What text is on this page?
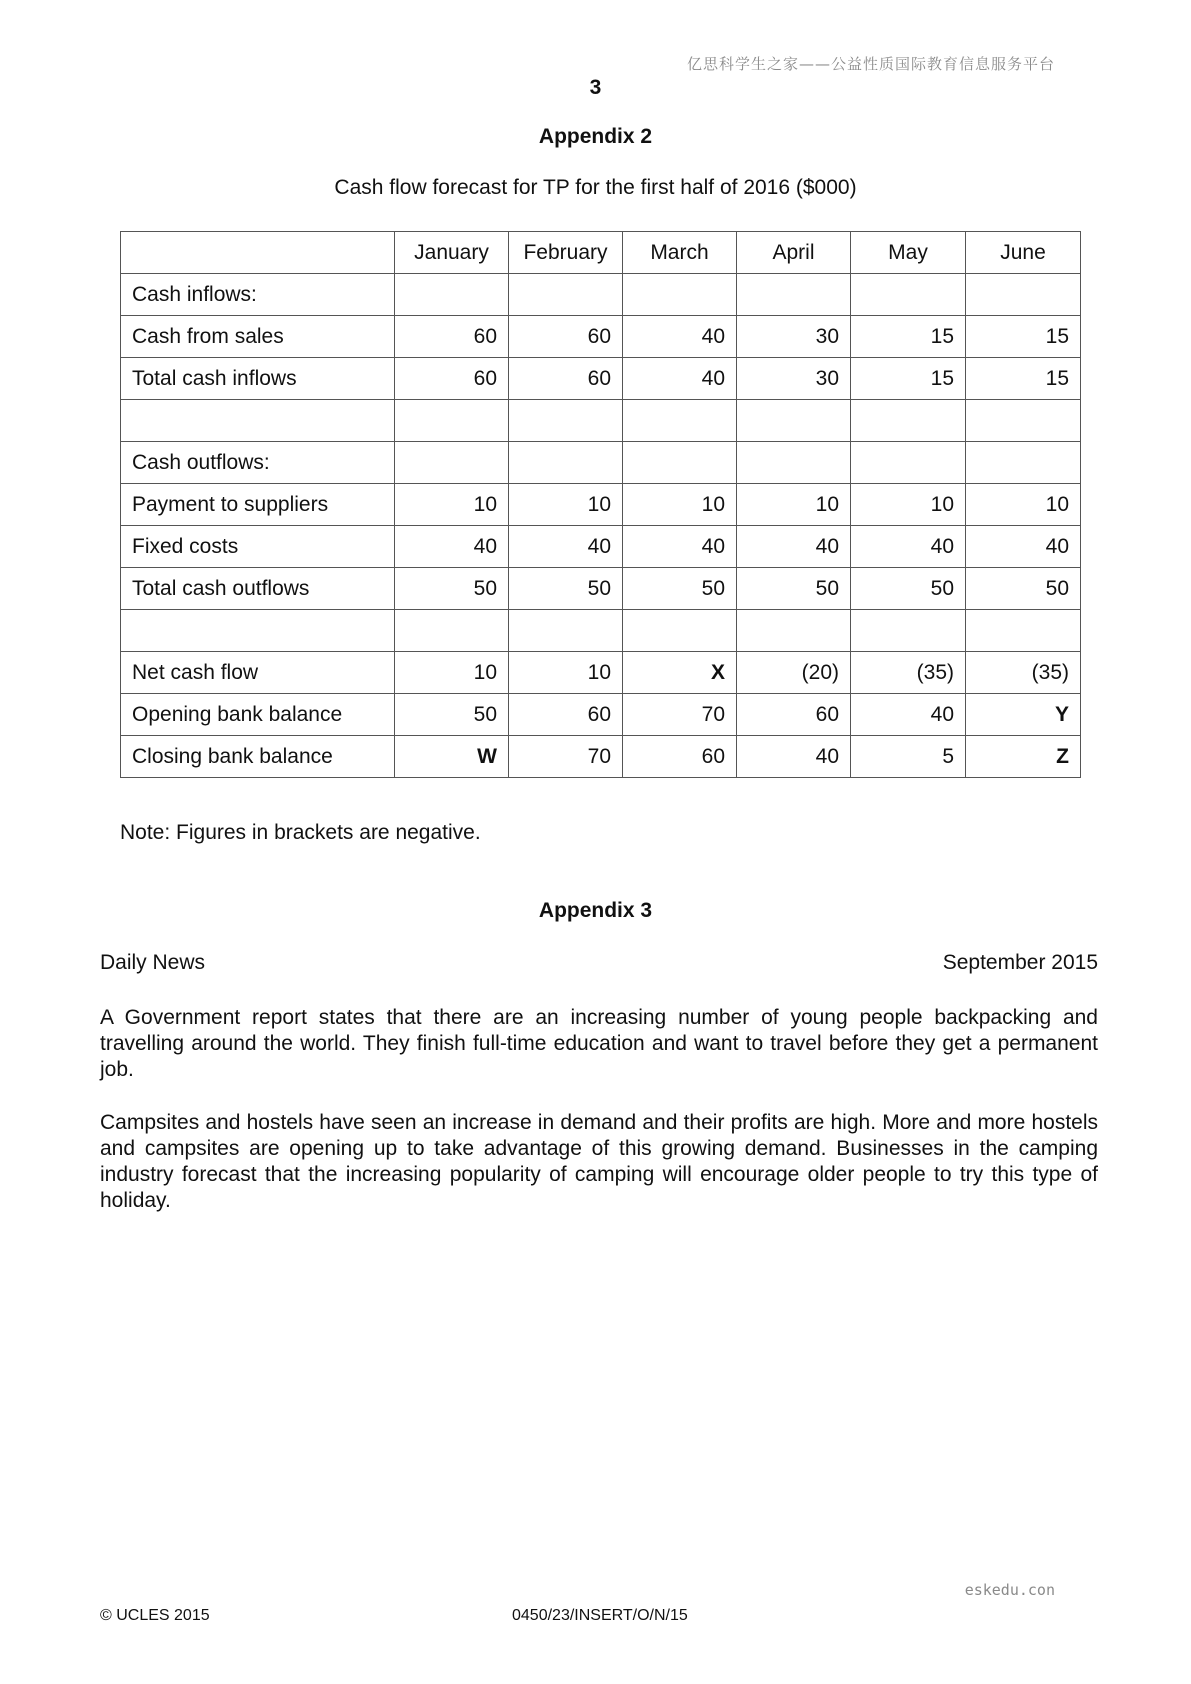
亿思科学生之家——公益性质国际教育信息服务平台
3
Appendix 2
Cash flow forecast for TP for the first half of 2016 ($000)
	January	February	March	April	May	June
Cash inflows:						
Cash from sales	60	60	40	30	15	15
Total cash inflows	60	60	40	30	15	15

Cash outflows:						
Payment to suppliers	10	10	10	10	10	10
Fixed costs	40	40	40	40	40	40
Total cash outflows	50	50	50	50	50	50

Net cash flow	10	10	X	(20)	(35)	(35)
Opening bank balance	50	60	70	60	40	Y
Closing bank balance	W	70	60	40	5	Z
Note: Figures in brackets are negative.
Appendix 3
Daily News	September 2015

A Government report states that there are an increasing number of young people backpacking and travelling around the world. They finish full-time education and want to travel before they get a permanent job.

Campsites and hostels have seen an increase in demand and their profits are high. More and more hostels and campsites are opening up to take advantage of this growing demand. Businesses in the camping industry forecast that the increasing popularity of camping will encourage older people to try this type of holiday.

eskedu.con
© UCLES 2015	0450/23/INSERT/O/N/15
